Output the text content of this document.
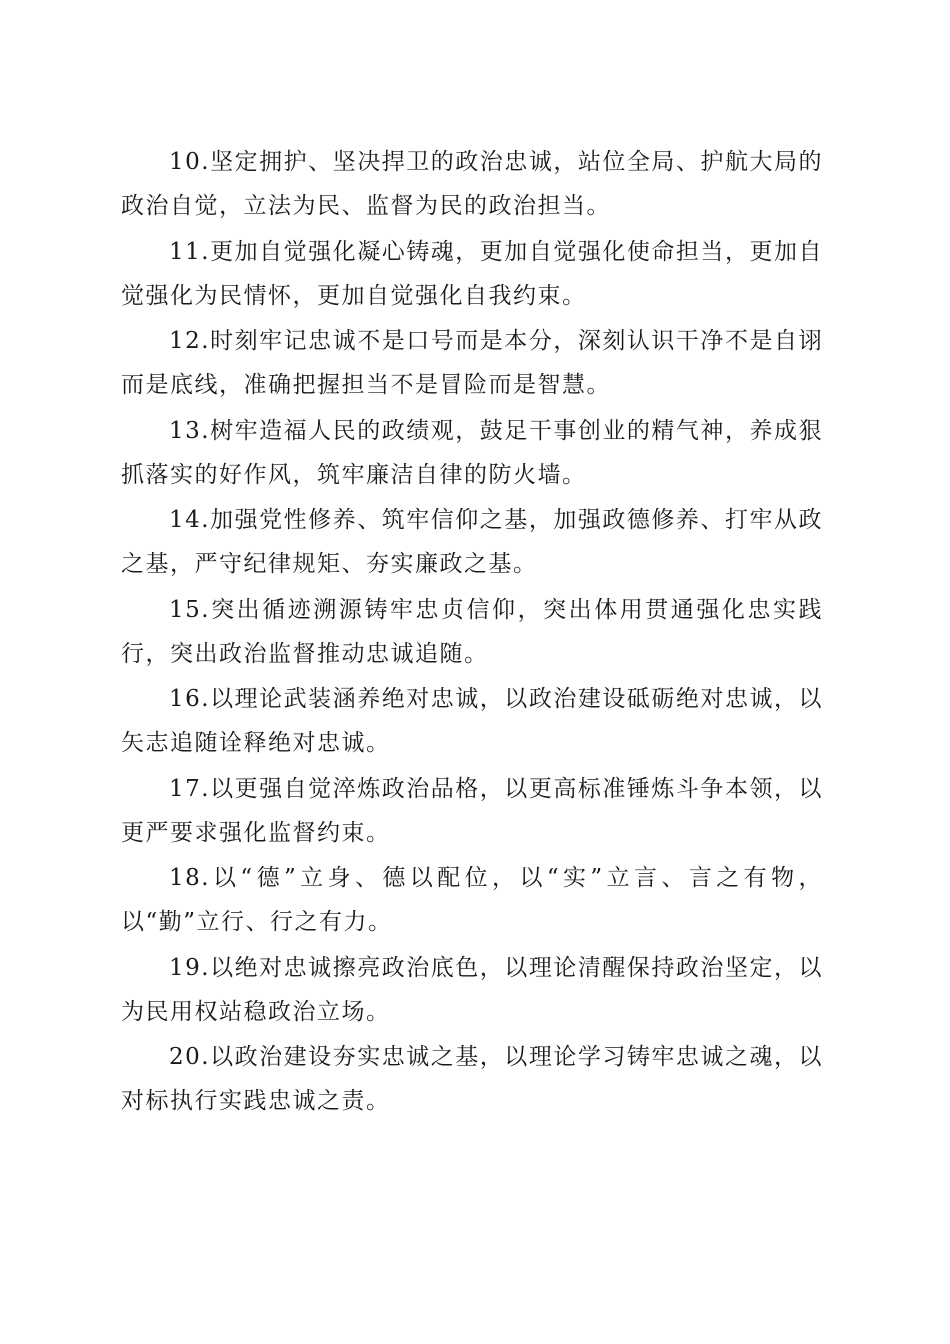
10.坚定拥护、坚决捍卫的政治忠诚，站位全局、护航大局的政治自觉，立法为民、监督为民的政治担当。

11.更加自觉强化凝心铸魂，更加自觉强化使命担当，更加自觉强化为民情怀，更加自觉强化自我约束。

12.时刻牢记忠诚不是口号而是本分，深刻认识干净不是自诩而是底线，准确把握担当不是冒险而是智慧。

13.树牢造福人民的政绩观，鼓足干事创业的精气神，养成狠抓落实的好作风，筑牢廉洁自律的防火墙。

14.加强党性修养、筑牢信仰之基，加强政德修养、打牢从政之基，严守纪律规矩、夯实廉政之基。

15.突出循迹溯源铸牢忠贞信仰，突出体用贯通强化忠实践行，突出政治监督推动忠诚追随。

16.以理论武装涵养绝对忠诚，以政治建设砥砺绝对忠诚，以矢志追随诠释绝对忠诚。

17.以更强自觉淬炼政治品格，以更高标准锤炼斗争本领，以更严要求强化监督约束。

18.以“德”立身、德以配位，以“实”立言、言之有物，以“勤”立行、行之有力。

19.以绝对忠诚擦亮政治底色，以理论清醒保持政治坚定，以为民用权站稳政治立场。

20.以政治建设夯实忠诚之基，以理论学习铸牢忠诚之魂，以对标执行实践忠诚之责。
